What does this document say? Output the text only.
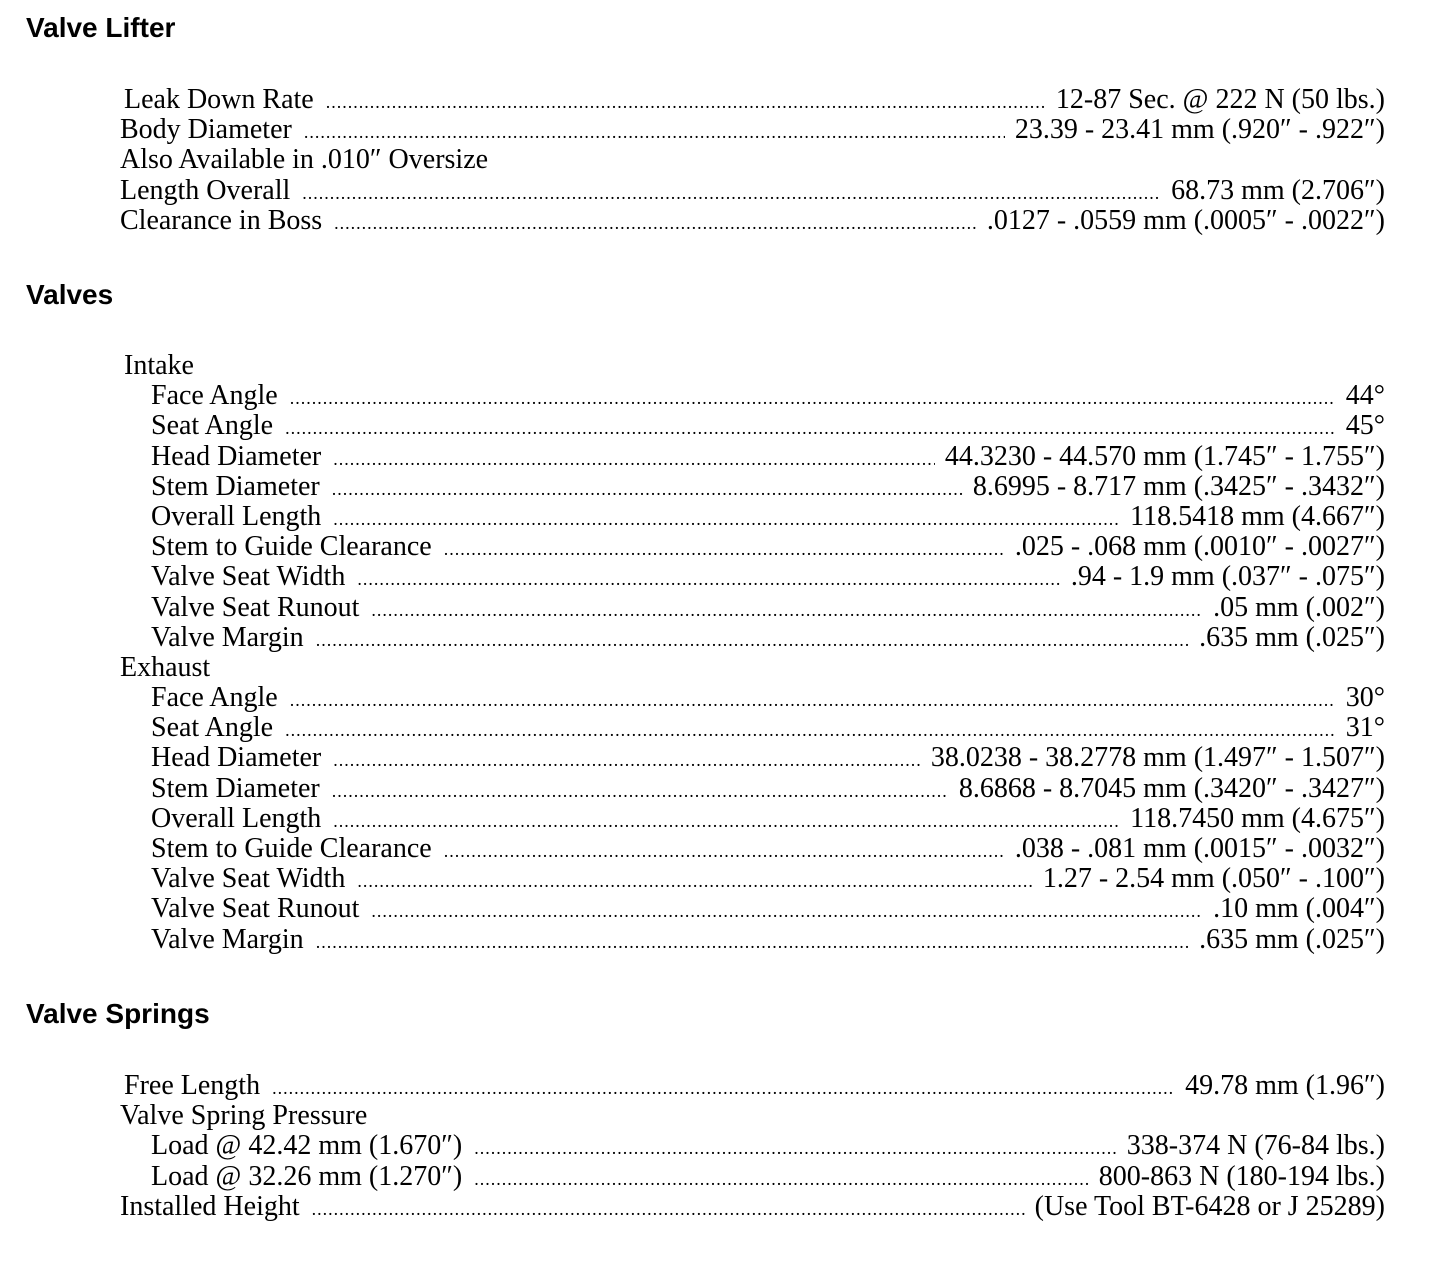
Valve Lifter
Leak Down Rate .....	12-87 Sec. @ 222 N (50 lbs.)
Body Diameter .....	23.39 - 23.41 mm (.920″ - .922″)
Also Available in .010″ Oversize
Length Overall .....	68.73 mm (2.706″)
Clearance in Boss .....	.0127 - .0559 mm (.0005″ - .0022″)
Valves
Intake
Face Angle .....	44°
Seat Angle .....	45°
Head Diameter .....	44.3230 - 44.570 mm (1.745″ - 1.755″)
Stem Diameter .....	8.6995 - 8.717 mm (.3425″ - .3432″)
Overall Length .....	118.5418 mm (4.667″)
Stem to Guide Clearance .....	.025 - .068 mm (.0010″ - .0027″)
Valve Seat Width .....	.94 - 1.9 mm (.037″ - .075″)
Valve Seat Runout .....	.05 mm (.002″)
Valve Margin .....	.635 mm (.025″)
Exhaust
Face Angle .....	30°
Seat Angle .....	31°
Head Diameter .....	38.0238 - 38.2778 mm (1.497″ - 1.507″)
Stem Diameter .....	8.6868 - 8.7045 mm (.3420″ - .3427″)
Overall Length .....	118.7450 mm (4.675″)
Stem to Guide Clearance .....	.038 - .081 mm (.0015″ - .0032″)
Valve Seat Width .....	1.27 - 2.54 mm (.050″ - .100″)
Valve Seat Runout .....	.10 mm (.004″)
Valve Margin .....	.635 mm (.025″)
Valve Springs
Free Length .....	49.78 mm (1.96″)
Valve Spring Pressure
Load @ 42.42 mm (1.670″) .....	338-374 N (76-84 lbs.)
Load @ 32.26 mm (1.270″) .....	800-863 N (180-194 lbs.)
Installed Height .....	(Use Tool BT-6428 or J 25289)
